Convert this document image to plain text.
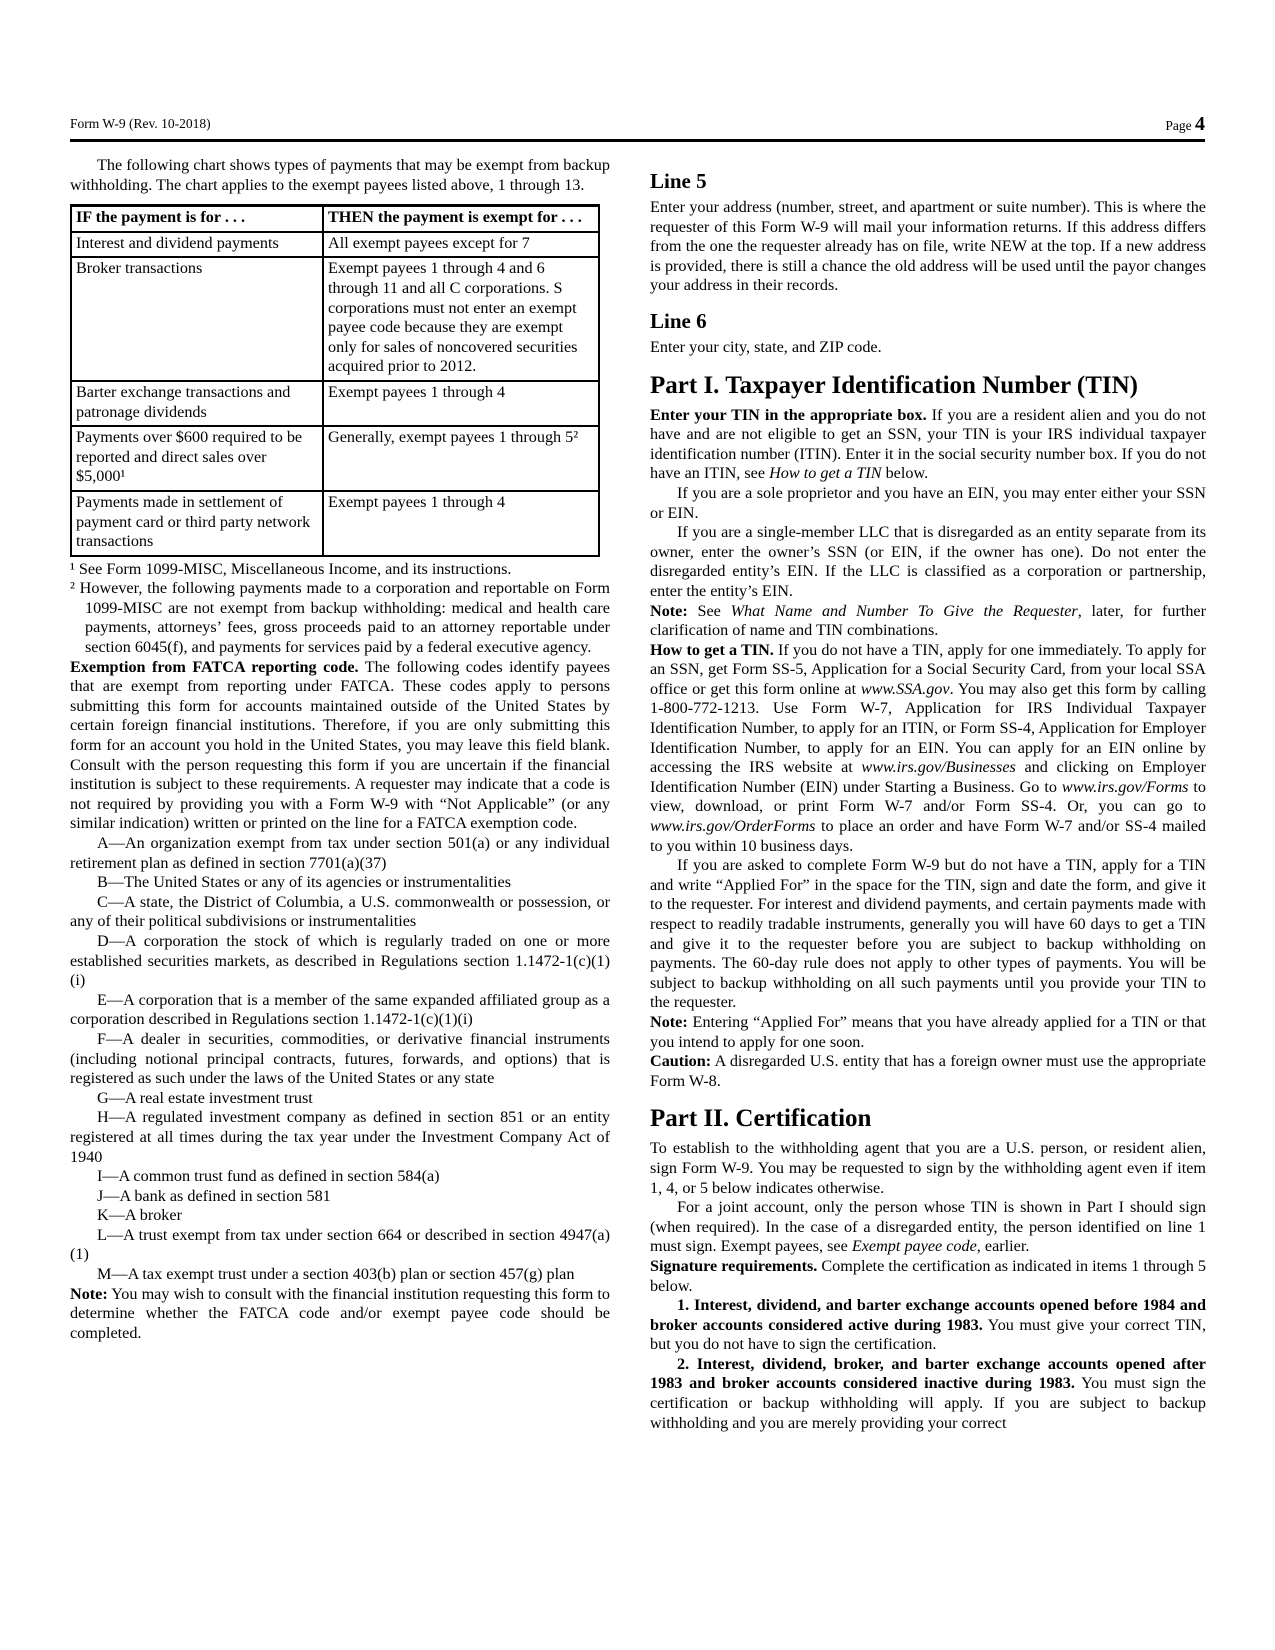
Form W-9 (Rev. 10-2018)	Page 4

The following chart shows types of payments that may be exempt from backup withholding. The chart applies to the exempt payees listed above, 1 through 13.

IF the payment is for . . .	THEN the payment is exempt for . . .
Interest and dividend payments	All exempt payees except for 7
Broker transactions	Exempt payees 1 through 4 and 6 through 11 and all C corporations. S corporations must not enter an exempt payee code because they are exempt only for sales of noncovered securities acquired prior to 2012.
Barter exchange transactions and patronage dividends	Exempt payees 1 through 4
Payments over $600 required to be reported and direct sales over $5,000¹	Generally, exempt payees 1 through 5²
Payments made in settlement of payment card or third party network transactions	Exempt payees 1 through 4

¹ See Form 1099-MISC, Miscellaneous Income, and its instructions.

² However, the following payments made to a corporation and reportable on Form 1099-MISC are not exempt from backup withholding: medical and health care payments, attorneys’ fees, gross proceeds paid to an attorney reportable under section 6045(f), and payments for services paid by a federal executive agency.

Exemption from FATCA reporting code. The following codes identify payees that are exempt from reporting under FATCA. These codes apply to persons submitting this form for accounts maintained outside of the United States by certain foreign financial institutions. Therefore, if you are only submitting this form for an account you hold in the United States, you may leave this field blank. Consult with the person requesting this form if you are uncertain if the financial institution is subject to these requirements. A requester may indicate that a code is not required by providing you with a Form W-9 with “Not Applicable” (or any similar indication) written or printed on the line for a FATCA exemption code.

A—An organization exempt from tax under section 501(a) or any individual retirement plan as defined in section 7701(a)(37)

B—The United States or any of its agencies or instrumentalities

C—A state, the District of Columbia, a U.S. commonwealth or possession, or any of their political subdivisions or instrumentalities

D—A corporation the stock of which is regularly traded on one or more established securities markets, as described in Regulations section 1.1472-1(c)(1)(i)

E—A corporation that is a member of the same expanded affiliated group as a corporation described in Regulations section 1.1472-1(c)(1)(i)

F—A dealer in securities, commodities, or derivative financial instruments (including notional principal contracts, futures, forwards, and options) that is registered as such under the laws of the United States or any state

G—A real estate investment trust

H—A regulated investment company as defined in section 851 or an entity registered at all times during the tax year under the Investment Company Act of 1940

I—A common trust fund as defined in section 584(a)

J—A bank as defined in section 581

K—A broker

L—A trust exempt from tax under section 664 or described in section 4947(a)(1)

M—A tax exempt trust under a section 403(b) plan or section 457(g) plan

Note: You may wish to consult with the financial institution requesting this form to determine whether the FATCA code and/or exempt payee code should be completed.

Line 5

Enter your address (number, street, and apartment or suite number). This is where the requester of this Form W-9 will mail your information returns. If this address differs from the one the requester already has on file, write NEW at the top. If a new address is provided, there is still a chance the old address will be used until the payor changes your address in their records.

Line 6

Enter your city, state, and ZIP code.

Part I. Taxpayer Identification Number (TIN)

Enter your TIN in the appropriate box. If you are a resident alien and you do not have and are not eligible to get an SSN, your TIN is your IRS individual taxpayer identification number (ITIN). Enter it in the social security number box. If you do not have an ITIN, see How to get a TIN below.

If you are a sole proprietor and you have an EIN, you may enter either your SSN or EIN.

If you are a single-member LLC that is disregarded as an entity separate from its owner, enter the owner’s SSN (or EIN, if the owner has one). Do not enter the disregarded entity’s EIN. If the LLC is classified as a corporation or partnership, enter the entity’s EIN.

Note: See What Name and Number To Give the Requester, later, for further clarification of name and TIN combinations.

How to get a TIN. If you do not have a TIN, apply for one immediately. To apply for an SSN, get Form SS-5, Application for a Social Security Card, from your local SSA office or get this form online at www.SSA.gov. You may also get this form by calling 1-800-772-1213. Use Form W-7, Application for IRS Individual Taxpayer Identification Number, to apply for an ITIN, or Form SS-4, Application for Employer Identification Number, to apply for an EIN. You can apply for an EIN online by accessing the IRS website at www.irs.gov/Businesses and clicking on Employer Identification Number (EIN) under Starting a Business. Go to www.irs.gov/Forms to view, download, or print Form W-7 and/or Form SS-4. Or, you can go to www.irs.gov/OrderForms to place an order and have Form W-7 and/or SS-4 mailed to you within 10 business days.

If you are asked to complete Form W-9 but do not have a TIN, apply for a TIN and write “Applied For” in the space for the TIN, sign and date the form, and give it to the requester. For interest and dividend payments, and certain payments made with respect to readily tradable instruments, generally you will have 60 days to get a TIN and give it to the requester before you are subject to backup withholding on payments. The 60-day rule does not apply to other types of payments. You will be subject to backup withholding on all such payments until you provide your TIN to the requester.

Note: Entering “Applied For” means that you have already applied for a TIN or that you intend to apply for one soon.

Caution: A disregarded U.S. entity that has a foreign owner must use the appropriate Form W-8.

Part II. Certification

To establish to the withholding agent that you are a U.S. person, or resident alien, sign Form W-9. You may be requested to sign by the withholding agent even if item 1, 4, or 5 below indicates otherwise.

For a joint account, only the person whose TIN is shown in Part I should sign (when required). In the case of a disregarded entity, the person identified on line 1 must sign. Exempt payees, see Exempt payee code, earlier.

Signature requirements. Complete the certification as indicated in items 1 through 5 below.

1. Interest, dividend, and barter exchange accounts opened before 1984 and broker accounts considered active during 1983. You must give your correct TIN, but you do not have to sign the certification.

2. Interest, dividend, broker, and barter exchange accounts opened after 1983 and broker accounts considered inactive during 1983. You must sign the certification or backup withholding will apply. If you are subject to backup withholding and you are merely providing your correct
